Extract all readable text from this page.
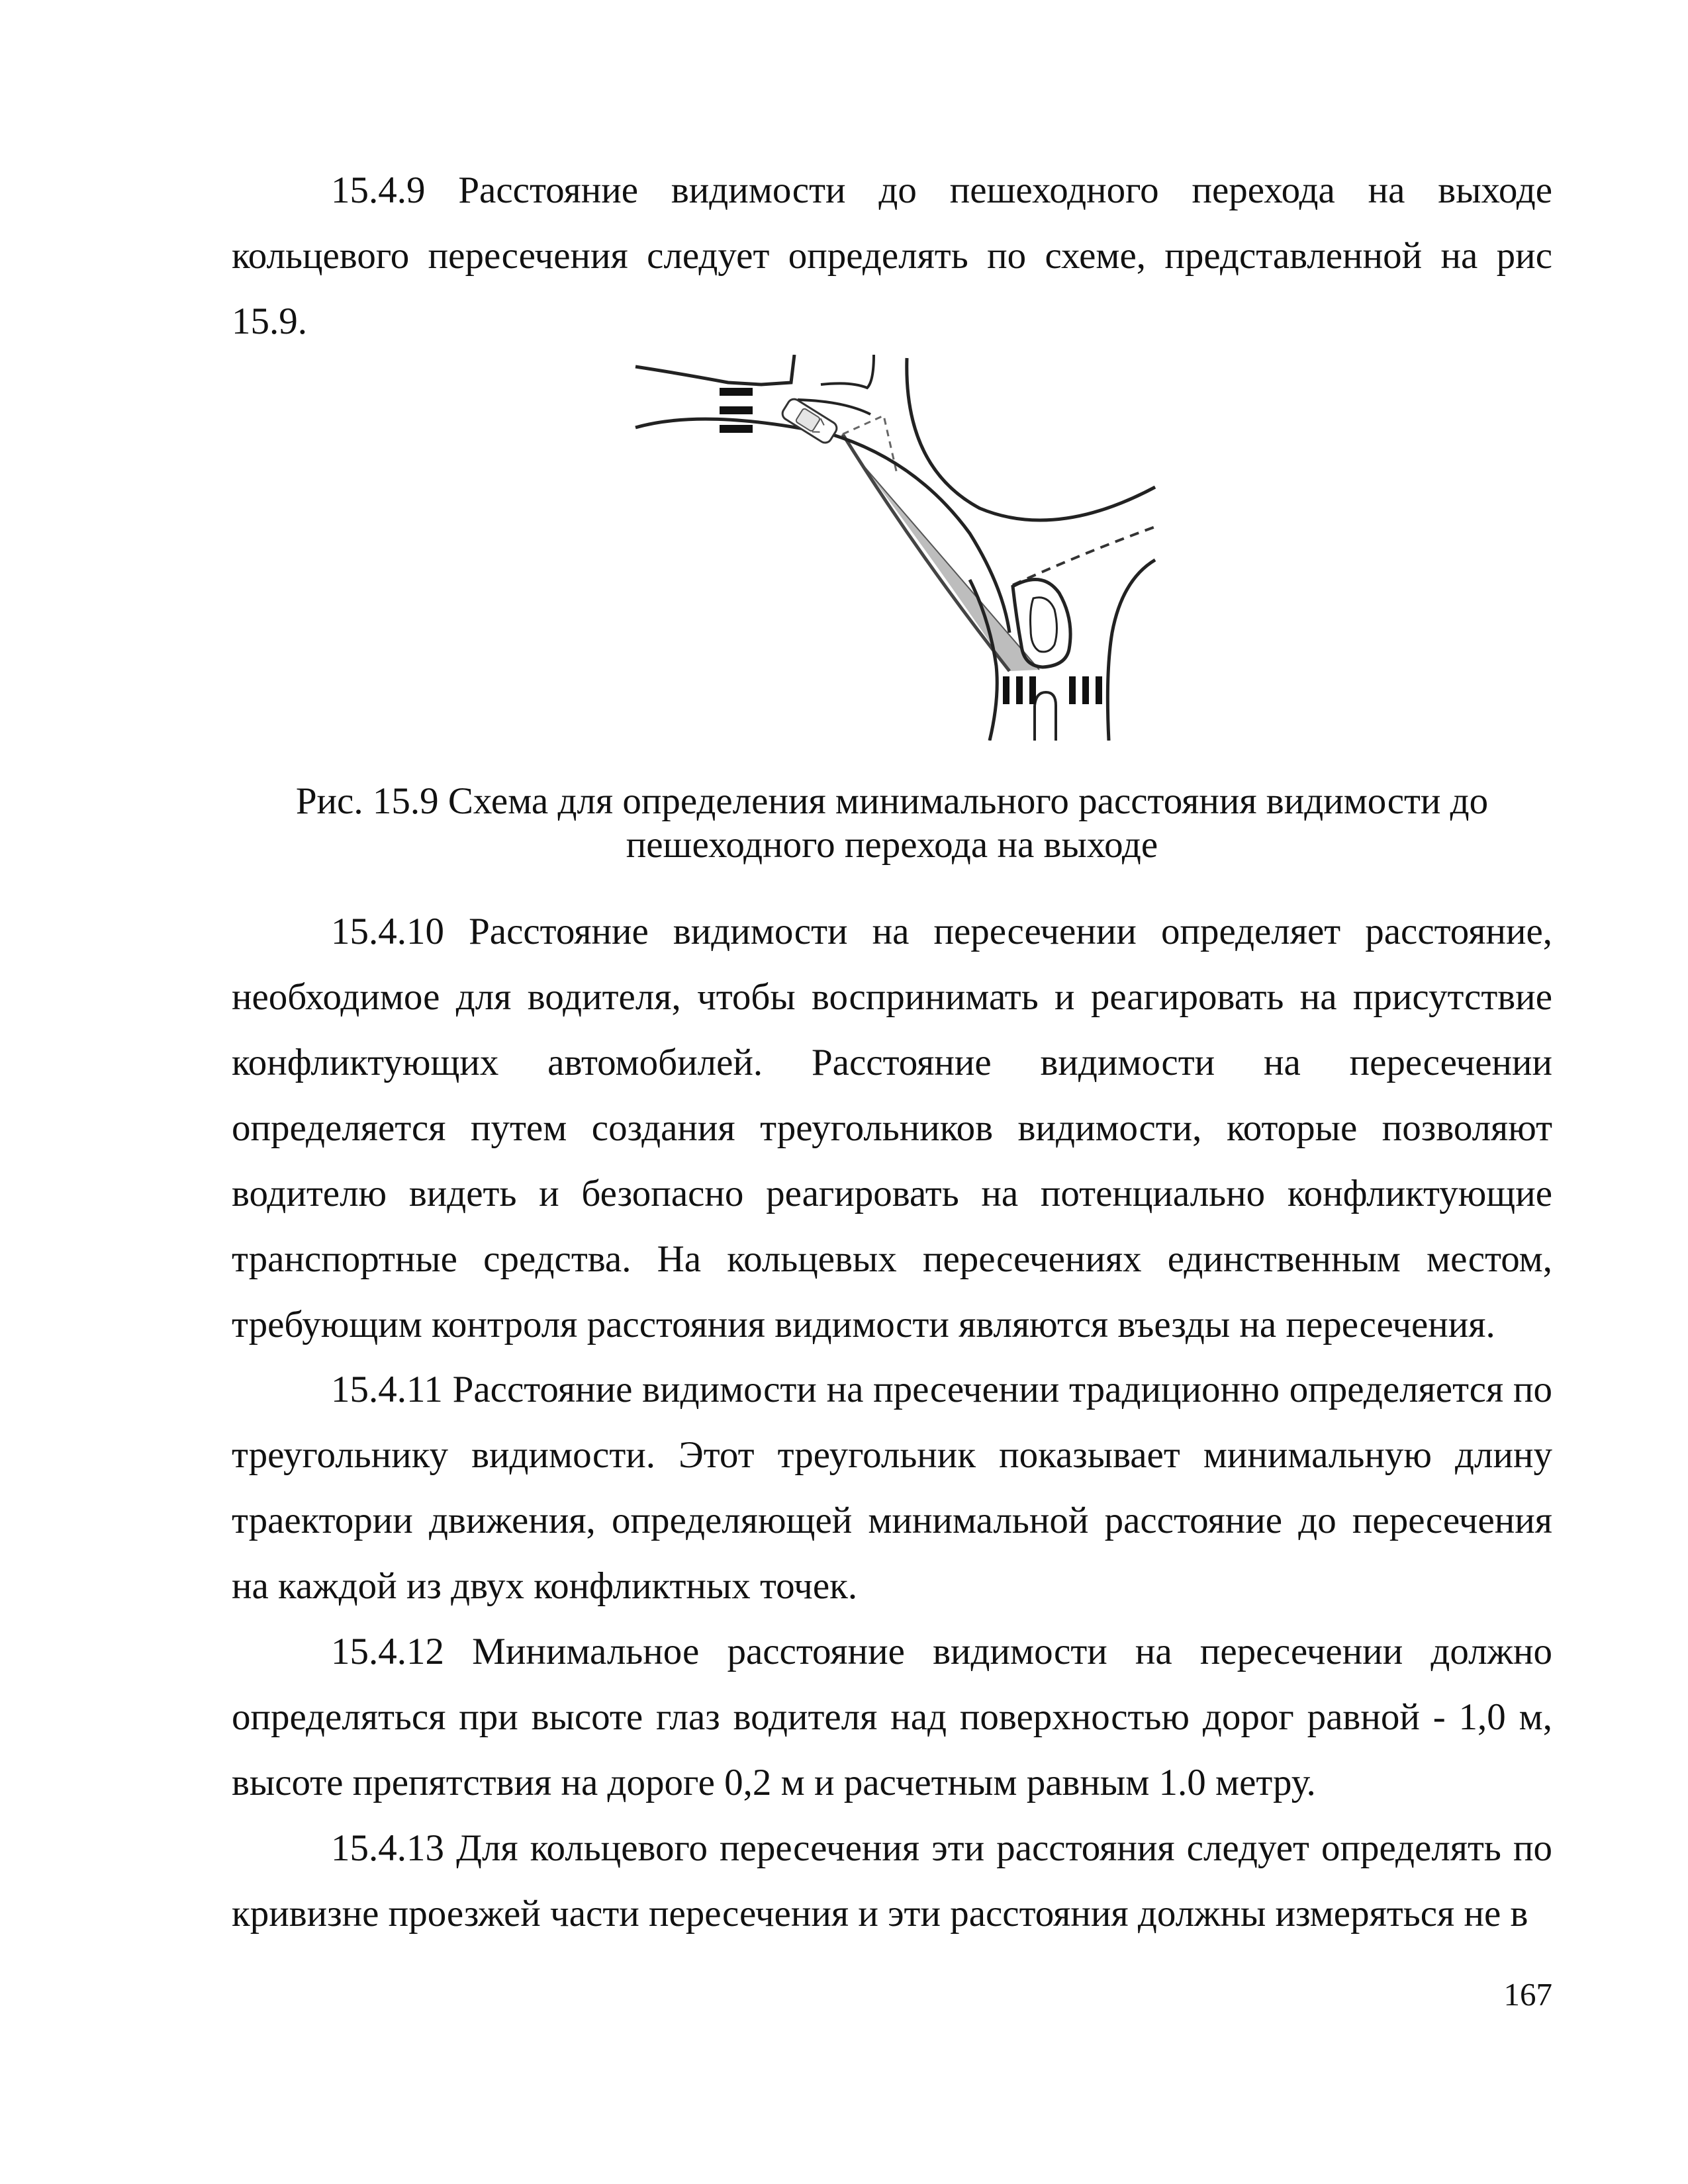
15.4.9 Расстояние видимости до пешеходного перехода на выходе кольцевого пересечения следует определять по схеме, представленной на рис 15.9.

Рис. 15.9 Схема для определения минимального расстояния видимости до
пешеходного перехода на выходе

15.4.10 Расстояние видимости на пересечении определяет расстояние, необходимое для водителя, чтобы воспринимать и реагировать на присутствие конфликтующих автомобилей. Расстояние видимости на пересечении определяется путем создания треугольников видимости, которые позволяют водителю видеть и безопасно реагировать на потенциально конфликтующие транспортные средства. На кольцевых пересечениях единственным местом, требующим контроля расстояния видимости являются въезды на пересечения.

15.4.11 Расстояние видимости на пресечении традиционно определяется по треугольнику видимости. Этот треугольник показывает минимальную длину траектории движения, определяющей минимальной расстояние до пересечения на каждой из двух конфликтных точек.

15.4.12 Минимальное расстояние видимости на пересечении должно определяться при высоте глаз водителя над поверхностью дорог равной - 1,0 м, высоте препятствия на дороге 0,2 м и расчетным равным 1.0 метру.

15.4.13 Для кольцевого пересечения эти расстояния следует определять по кривизне проезжей части пересечения и эти расстояния должны измеряться не в

167
